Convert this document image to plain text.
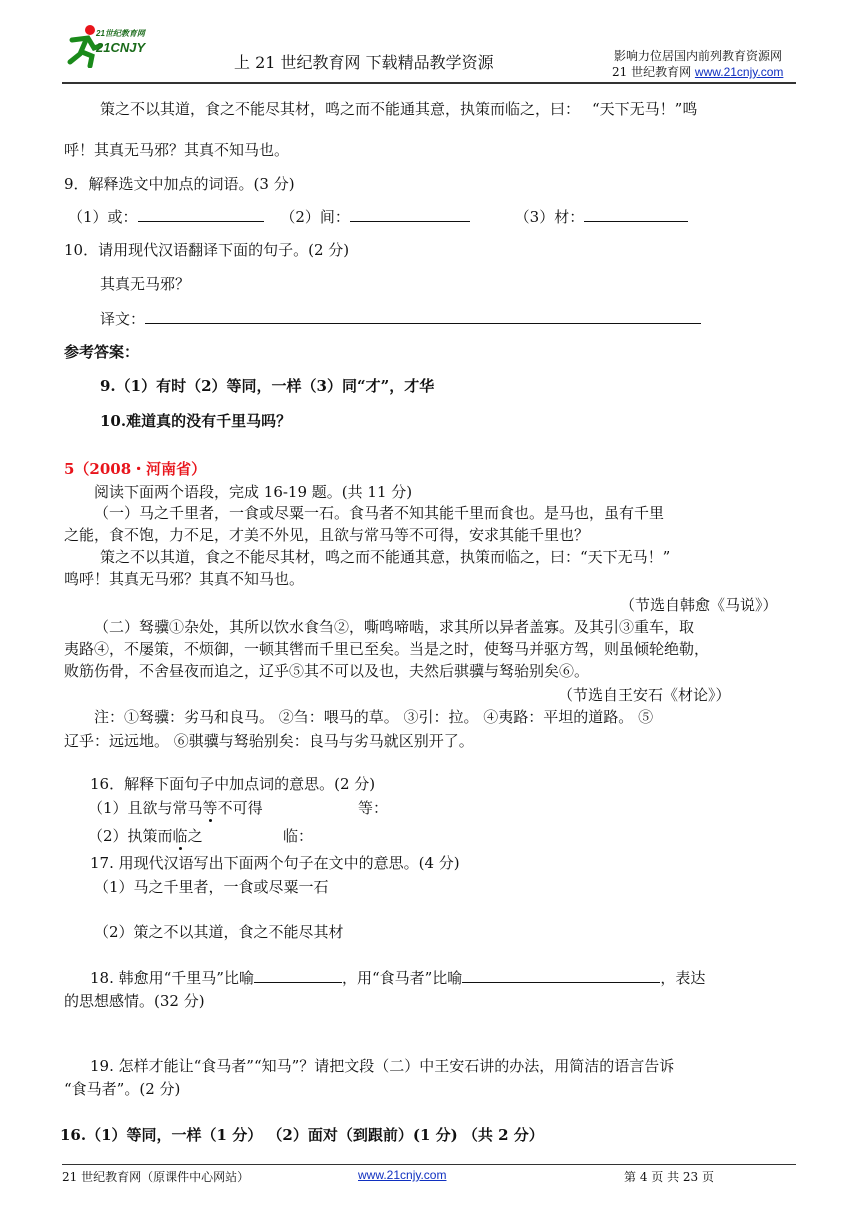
21世纪教育网
21CNJY
上 21 世纪教育网 下载精品教学资源	影响力位居国内前列教育资源网
21 世纪教育网 www.21cnjy.com
策之不以其道，食之不能尽其材，鸣之而不能通其意，执策而临之，曰： “天下无马！”鸣
呼！其真无马邪？其真不知马也。
9．解释选文中加点的词语。(3 分)
（1）或：	（2）间：	（3）材：
10．请用现代汉语翻译下面的句子。(2 分)
其真无马邪？
译文：
参考答案：
9.（1）有时（2）等同，一样（3）同“才”，才华
10.难道真的没有千里马吗？
5（2008・河南省）
阅读下面两个语段，完成 16-19 题。(共 11 分)
（一）马之千里者，一食或尽粟一石。食马者不知其能千里而食也。是马也，虽有千里
之能，食不饱，力不足，才美不外见，且欲与常马等不可得，安求其能千里也？
策之不以其道，食之不能尽其材，鸣之而不能通其意，执策而临之，曰：“天下无马！”
鸣呼！其真无马邪？其真不知马也。
（节选自韩愈《马说》）
（二）驽骥①杂处，其所以饮水食刍②，嘶鸣啼啮，求其所以异者盖寡。及其引③重车，取
夷路④，不屡策，不烦御，一顿其辔而千里已至矣。当是之时，使驽马并驱方驾，则虽倾轮绝勒，
败筋伤骨，不舍昼夜而追之，辽乎⑤其不可以及也，夫然后骐骥与驽骀别矣⑥。
（节选自王安石《材论》）
注：①驽骥：劣马和良马。 ②刍：喂马的草。 ③引：拉。 ④夷路：平坦的道路。 ⑤
辽乎：远远地。 ⑥骐骥与驽骀别矣：良马与劣马就区别开了。
16．解释下面句子中加点词的意思。(2 分)
（1）且欲与常马等不可得	等：
（2）执策而临之	临：
17. 用现代汉语写出下面两个句子在文中的意思。(4 分)
（1）马之千里者，一食或尽粟一石
（2）策之不以其道，食之不能尽其材
18. 韩愈用“千里马”比喻	，用“食马者”比喻	，表达
的思想感情。(32 分)
19. 怎样才能让“食马者”“知马”？请把文段（二）中王安石讲的办法，用简洁的语言告诉
“食马者”。(2 分)
16.（1）等同，一样（1 分） （2）面对（到跟前）(1 分) （共 2 分）
21 世纪教育网（原课件中心网站）	www.21cnjy.com	第 4 页 共 23 页
